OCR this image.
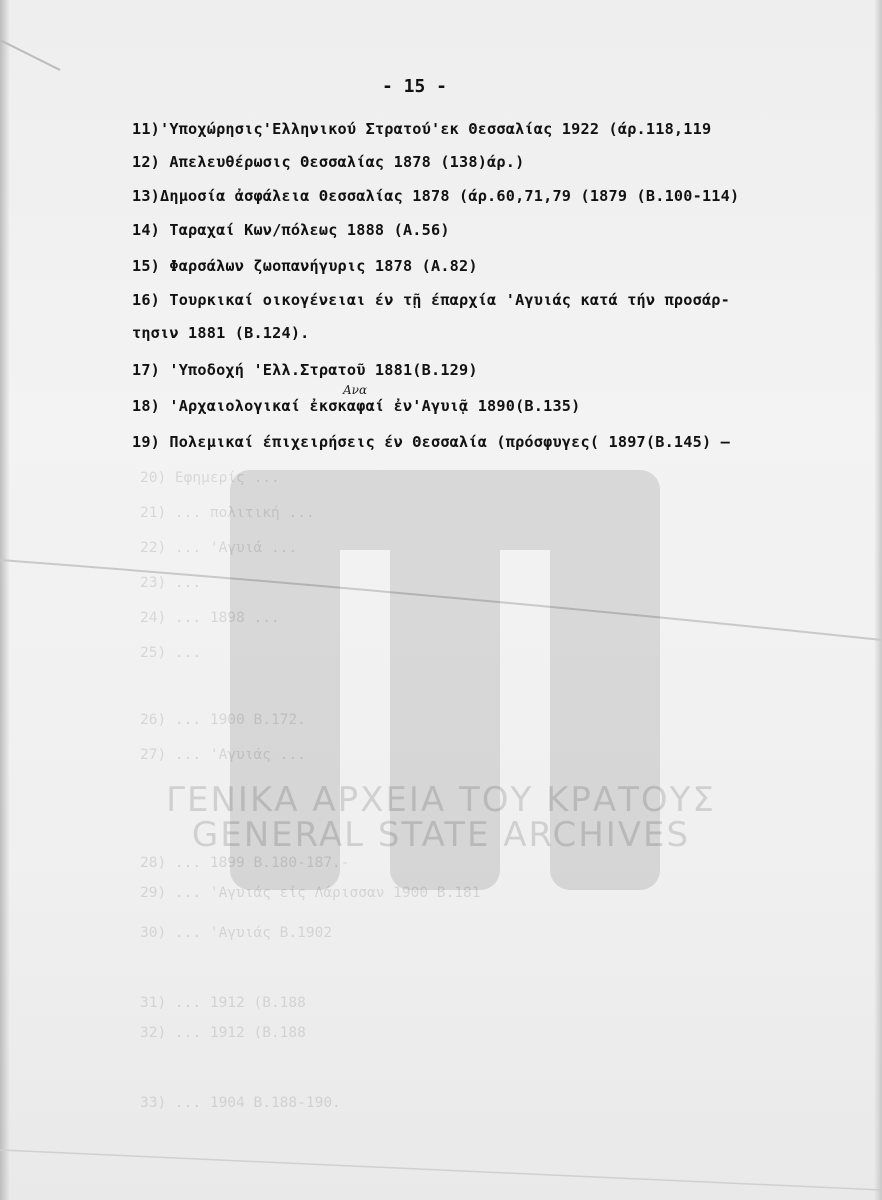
ΓΕΝΙΚΑ ΑΡΧΕΙΑ ΤΟΥ ΚΡΑΤΟΥΣ
GENERAL STATE ARCHIVES
- 15 -
11)'Υποχώρησις'Ελληνικού Στρατού'εκ Θεσσαλίας 1922 (άρ.118,119
12) Απελευθέρωσις Θεσσαλίας 1878 (138)άρ.)
13)Δημοσία ἀσφάλεια Θεσσαλίας 1878 (άρ.60,71,79 (1879 (Β.100-114)
14) Ταραχαί Κων/πόλεως 1888 (Α.56)
15) Φαρσάλων ζωοπανήγυρις 1878 (Α.82)
16) Τουρκικαί οικογένειαι έν τῇ έπαρχία 'Αγυιάς κατά τήν προσάρ-
τησιν 1881 (Β.124).
17) 'Υποδοχή 'Ελλ.Στρατοῦ 1881(Β.129)
18) 'Αρχαιολογικαί ἐκσκαφαί ἐν'Αγυιᾷ 1890(Β.135)
Ανα
19) Πολεμικαί έπιχειρήσεις έν Θεσσαλία (πρόσφυγες( 1897(Β.145) —
20) Εφημερίς ...
21) ... πολιτική ...
22) ... 'Αγυιά ...
23) ...
24) ... 1898 ...
25) ...
26) ... 1900 Β.172.
27) ... 'Αγυιάς ...
28) ... 1899 Β.180-187.-
29) ... 'Αγυιάς εἰς Λάρισσαν 1900 Β.181
30) ... 'Αγυιάς Β.1902
31) ... 1912 (Β.188
32) ... 1912 (Β.188
33) ... 1904 Β.188-190.
